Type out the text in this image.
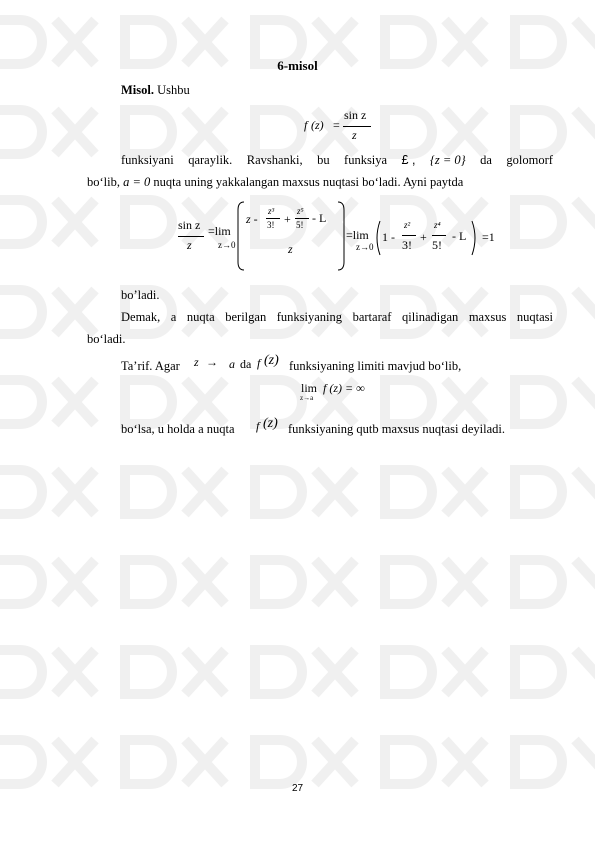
6-misol
Misol. Ushbu
f (z) =
sin z
z
funksiyani qaraylik. Ravshanki, bu funksiya £ , {z = 0} da golomorf
bo‘lib, a = 0 nuqta uning yakkalangan maxsus nuqtasi bo‘ladi. Ayni paytda
sin z
z
=lim
z→0
z -
z³
3! +
z⁵
5! - L
z
=lim
z→0
1 -
z²
3!
+
z⁴
5!
- L =1
bo’ladi.
Demak, a nuqta berilgan funksiyaning bartaraf qilinadigan maxsus nuqtasi
bo‘ladi.
Ta’rif. Agar z → a da f (z) funksiyaning limiti mavjud bo‘lib,
lim
z→a
f (z) = ∞
bo‘lsa, u holda a nuqta f (z) funksiyaning qutb maxsus nuqtasi deyiladi.
27
